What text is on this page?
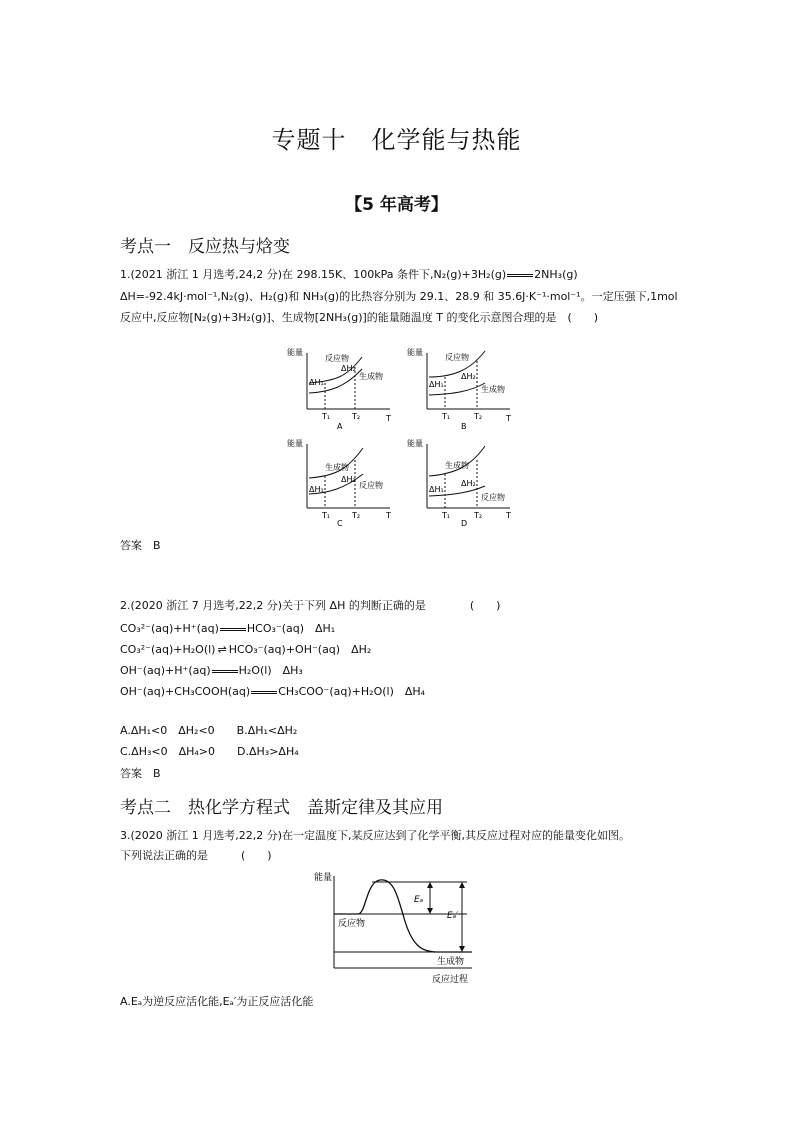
专题十　化学能与热能
【5 年高考】
考点一　反应热与焓变
1.(2021 浙江 1 月选考,24,2 分)在 298.15K、100kPa 条件下,N₂(g)+3H₂(g)	2NH₃(g)
ΔH=-92.4kJ·mol⁻¹,N₂(g)、H₂(g)和 NH₃(g)的比热容分别为 29.1、28.9 和 35.6J·K⁻¹·mol⁻¹。一定压强下,1mol
反应中,反应物[N₂(g)+3H₂(g)]、生成物[2NH₃(g)]的能量随温度 T 的变化示意图合理的是　(　　)
能量
T
反应物
生成物
ΔH₁
ΔH₂
T₁	T₂
A
能量
T
反应物
生成物
ΔH₁
ΔH₂
T₁	T₂
B
能量
T
生成物
反应物
ΔH₁
ΔH₂
T₁	T₂
C
能量
T
生成物
反应物
ΔH₁
ΔH₂
T₁	T₂
D
答案　B
2.(2020 浙江 7 月选考,22,2 分)关于下列 ΔH 的判断正确的是　　　　(　　)
CO₃²⁻(aq)+H⁺(aq)	HCO₃⁻(aq)　ΔH₁
CO₃²⁻(aq)+H₂O(l) ⇌ HCO₃⁻(aq)+OH⁻(aq)　ΔH₂
OH⁻(aq)+H⁺(aq)	H₂O(l)　ΔH₃
OH⁻(aq)+CH₃COOH(aq)	CH₃COO⁻(aq)+H₂O(l)　ΔH₄
A.ΔH₁<0　ΔH₂<0 B.ΔH₁<ΔH₂
C.ΔH₃<0　ΔH₄>0 D.ΔH₃>ΔH₄
答案　B
考点二　热化学方程式　盖斯定律及其应用
3.(2020 浙江 1 月选考,22,2 分)在一定温度下,某反应达到了化学平衡,其反应过程对应的能量变化如图。
下列说法正确的是　　　(　　)
能量
Eₐ
Eₐ′
反应物
生成物
反应过程
A.Eₐ为逆反应活化能,Eₐ′为正反应活化能
